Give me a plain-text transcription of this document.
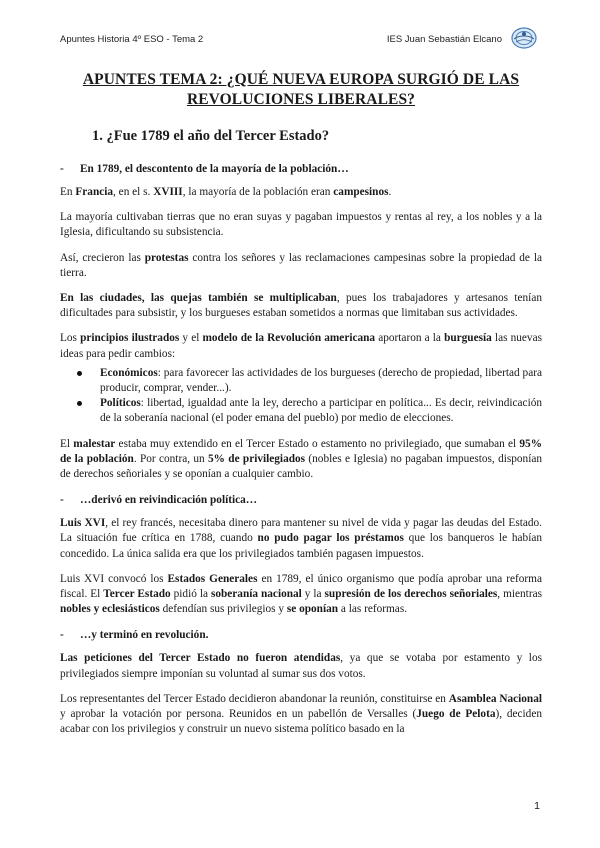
Apuntes Historia 4º ESO - Tema 2	IES Juan Sebastián Elcano
APUNTES TEMA 2: ¿QUÉ NUEVA EUROPA SURGIÓ DE LAS
REVOLUCIONES LIBERALES?
1. ¿Fue 1789 el año del Tercer Estado?
- En 1789, el descontento de la mayoría de la población…

En Francia, en el s. XVIII, la mayoría de la población eran campesinos.

La mayoría cultivaban tierras que no eran suyas y pagaban impuestos y rentas al rey, a los nobles y a la Iglesia, dificultando su subsistencia.

Así, crecieron las protestas contra los señores y las reclamaciones campesinas sobre la propiedad de la tierra.

En las ciudades, las quejas también se multiplicaban, pues los trabajadores y artesanos tenían dificultades para subsistir, y los burgueses estaban sometidos a normas que limitaban sus actividades.

Los principios ilustrados y el modelo de la Revolución americana aportaron a la burguesía las nuevas ideas para pedir cambios:

Económicos: para favorecer las actividades de los burgueses (derecho de propiedad, libertad para producir, comprar, vender...).
Políticos: libertad, igualdad ante la ley, derecho a participar en política... Es decir, reivindicación de la soberanía nacional (el poder emana del pueblo) por medio de elecciones.

El malestar estaba muy extendido en el Tercer Estado o estamento no privilegiado, que sumaban el 95% de la población. Por contra, un 5% de privilegiados (nobles e Iglesia) no pagaban impuestos, disponían de derechos señoriales y se oponían a cualquier cambio.

- …derivó en reivindicación política…

Luis XVI, el rey francés, necesitaba dinero para mantener su nivel de vida y pagar las deudas del Estado. La situación fue crítica en 1788, cuando no pudo pagar los préstamos que los banqueros le habían concedido. La única salida era que los privilegiados también pagasen impuestos.

Luis XVI convocó los Estados Generales en 1789, el único organismo que podía aprobar una reforma fiscal. El Tercer Estado pidió la soberanía nacional y la supresión de los derechos señoriales, mientras nobles y eclesiásticos defendían sus privilegios y se oponían a las reformas.

- …y terminó en revolución.

Las peticiones del Tercer Estado no fueron atendidas, ya que se votaba por estamento y los privilegiados siempre imponían su voluntad al sumar sus dos votos.

Los representantes del Tercer Estado decidieron abandonar la reunión, constituirse en Asamblea Nacional y aprobar la votación por persona. Reunidos en un pabellón de Versalles (Juego de Pelota), deciden acabar con los privilegios y construir un nuevo sistema político basado en la

1
